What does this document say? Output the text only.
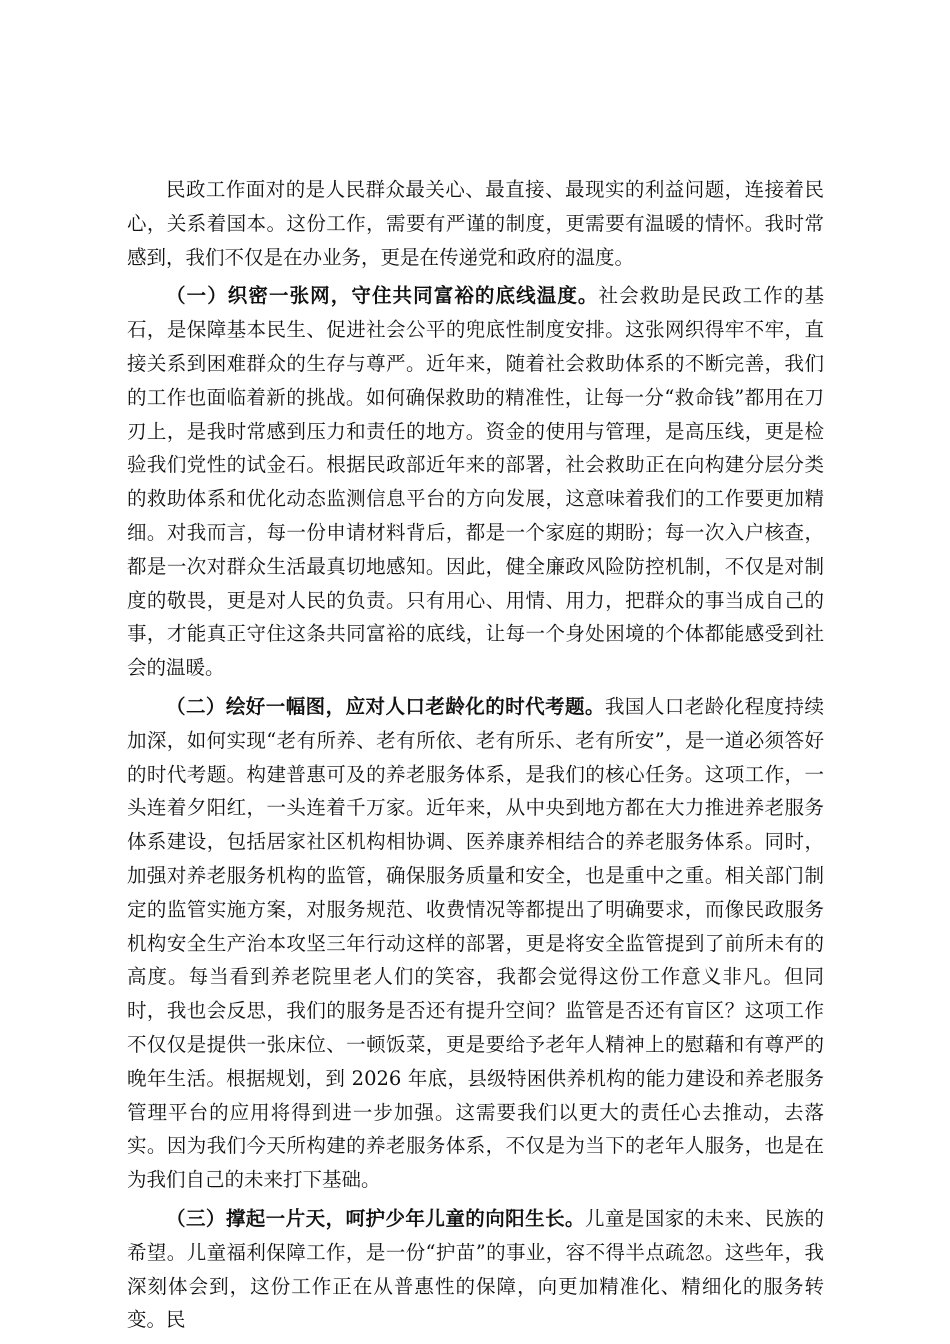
民政工作面对的是人民群众最关心、最直接、最现实的利益问题，连接着民心，关系着国本。这份工作，需要有严谨的制度，更需要有温暖的情怀。我时常感到，我们不仅是在办业务，更是在传递党和政府的温度。

（一）织密一张网，守住共同富裕的底线温度。社会救助是民政工作的基石，是保障基本民生、促进社会公平的兜底性制度安排。这张网织得牢不牢，直接关系到困难群众的生存与尊严。近年来，随着社会救助体系的不断完善，我们的工作也面临着新的挑战。如何确保救助的精准性，让每一分“救命钱”都用在刀刃上，是我时常感到压力和责任的地方。资金的使用与管理，是高压线，更是检验我们党性的试金石。根据民政部近年来的部署，社会救助正在向构建分层分类的救助体系和优化动态监测信息平台的方向发展，这意味着我们的工作要更加精细。对我而言，每一份申请材料背后，都是一个家庭的期盼；每一次入户核查，都是一次对群众生活最真切地感知。因此，健全廉政风险防控机制，不仅是对制度的敬畏，更是对人民的负责。只有用心、用情、用力，把群众的事当成自己的事，才能真正守住这条共同富裕的底线，让每一个身处困境的个体都能感受到社会的温暖。

（二）绘好一幅图，应对人口老龄化的时代考题。我国人口老龄化程度持续加深，如何实现“老有所养、老有所依、老有所乐、老有所安”，是一道必须答好的时代考题。构建普惠可及的养老服务体系，是我们的核心任务。这项工作，一头连着夕阳红，一头连着千万家。近年来，从中央到地方都在大力推进养老服务体系建设，包括居家社区机构相协调、医养康养相结合的养老服务体系。同时，加强对养老服务机构的监管，确保服务质量和安全，也是重中之重。相关部门制定的监管实施方案，对服务规范、收费情况等都提出了明确要求，而像民政服务机构安全生产治本攻坚三年行动这样的部署，更是将安全监管提到了前所未有的高度。每当看到养老院里老人们的笑容，我都会觉得这份工作意义非凡。但同时，我也会反思，我们的服务是否还有提升空间？监管是否还有盲区？这项工作不仅仅是提供一张床位、一顿饭菜，更是要给予老年人精神上的慰藉和有尊严的晚年生活。根据规划，到 2026 年底，县级特困供养机构的能力建设和养老服务管理平台的应用将得到进一步加强。这需要我们以更大的责任心去推动，去落实。因为我们今天所构建的养老服务体系，不仅是为当下的老年人服务，也是在为我们自己的未来打下基础。

（三）撑起一片天，呵护少年儿童的向阳生长。儿童是国家的未来、民族的希望。儿童福利保障工作，是一份“护苗”的事业，容不得半点疏忽。这些年，我深刻体会到，这份工作正在从普惠性的保障，向更加精准化、精细化的服务转变。民
